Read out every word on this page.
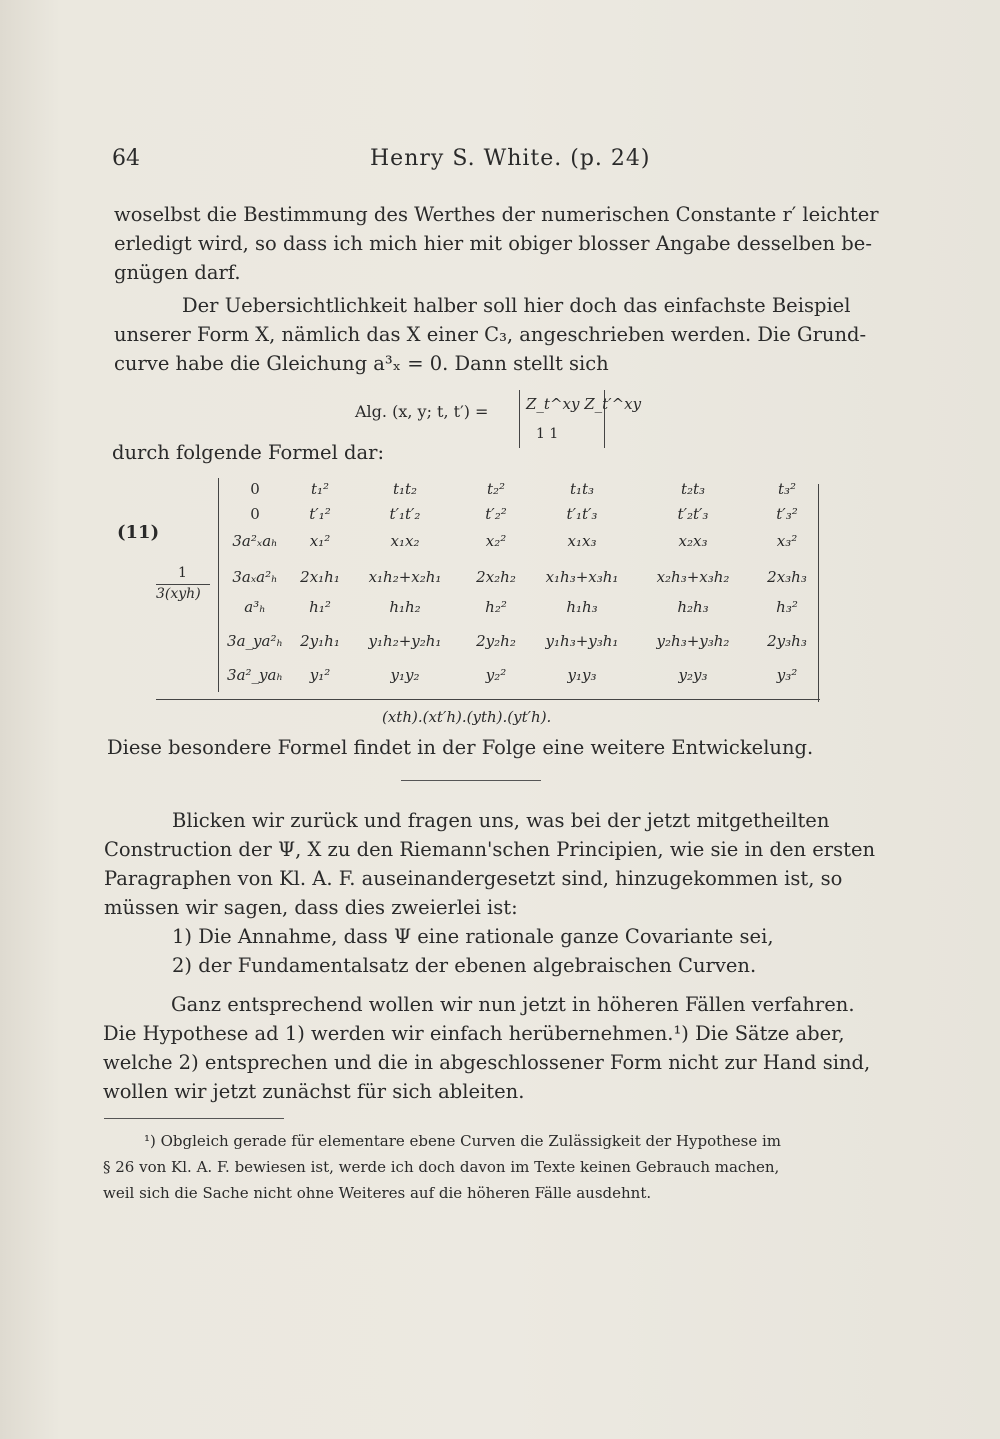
64	Henry S. White. (p. 24)
woselbst die Bestimmung des Werthes der numerischen Constante r′ leichter
erledigt wird, so dass ich mich hier mit obiger blosser Angabe desselben be-
gnügen darf.
Der Uebersichtlichkeit halber soll hier doch das einfachste Beispiel
unserer Form X, nämlich das X einer C₃, angeschrieben werden. Die Grund-
curve habe die Gleichung a³ₓ = 0. Dann stellt sich
Alg. (x, y; t, t′) =	Z_t^xy Z_t′^xy
1 1
durch folgende Formel dar:
(11)
1
3(xyh)
0	t₁²	t₁t₂	t₂²	t₁t₃	t₂t₃	t₃²
0	t′₁²	t′₁t′₂	t′₂²	t′₁t′₃	t′₂t′₃	t′₃²
3a²ₓaₕ x₁²	x₁x₂	x₂²	x₁x₃	x₂x₃	x₃²
3aₓa²ₕ 2x₁h₁ x₁h₂+x₂h₁ 2x₂h₂ x₁h₃+x₃h₁	x₂h₃+x₃h₂	2x₃h₃
a³ₕ	h₁²	h₁h₂	h₂²	h₁h₃	h₂h₃	h₃²
3a_ya²ₕ 2y₁h₁ y₁h₂+y₂h₁ 2y₂h₂ y₁h₃+y₃h₁	y₂h₃+y₃h₂	2y₃h₃
3a²_yaₕ y₁²	y₁y₂	y₂²	y₁y₃	y₂y₃	y₃²
(xth).(xt′h).(yth).(yt′h).
Diese besondere Formel findet in der Folge eine weitere Entwickelung.
Blicken wir zurück und fragen uns, was bei der jetzt mitgetheilten
Construction der Ψ, X zu den Riemann'schen Principien, wie sie in den ersten
Paragraphen von Kl. A. F. auseinandergesetzt sind, hinzugekommen ist, so
müssen wir sagen, dass dies zweierlei ist:
1) Die Annahme, dass Ψ eine rationale ganze Covariante sei,
2) der Fundamentalsatz der ebenen algebraischen Curven.
Ganz entsprechend wollen wir nun jetzt in höheren Fällen verfahren.
Die Hypothese ad 1) werden wir einfach herübernehmen.¹) Die Sätze aber,
welche 2) entsprechen und die in abgeschlossener Form nicht zur Hand sind,
wollen wir jetzt zunächst für sich ableiten.
¹) Obgleich gerade für elementare ebene Curven die Zulässigkeit der Hypothese im
§ 26 von Kl. A. F. bewiesen ist, werde ich doch davon im Texte keinen Gebrauch machen,
weil sich die Sache nicht ohne Weiteres auf die höheren Fälle ausdehnt.
